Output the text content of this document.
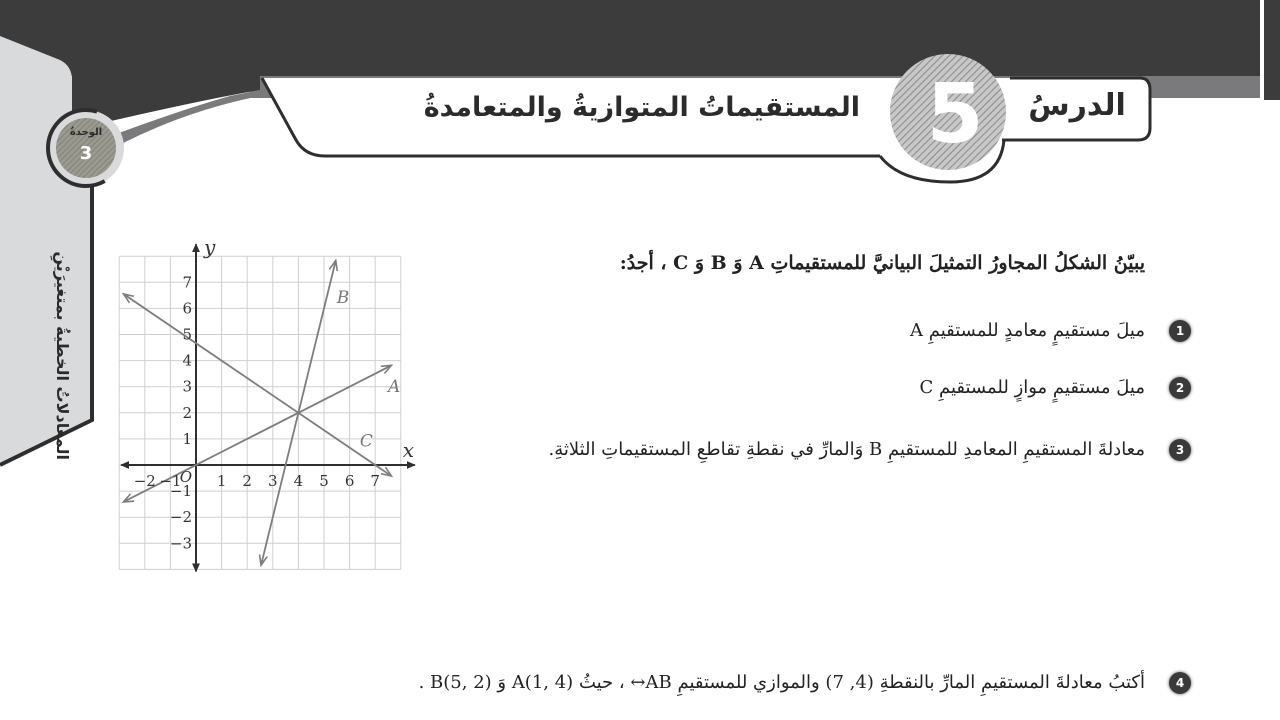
الدرسُ
5
المستقيماتُ المتوازيةُ والمتعامدةُ
الوحدةُ
3
المعادلاتُ الخطيةُ بمتغيرَيْنِ
−2 −1 1 2 3 4 5 6 7
−3
−2
−1
1
2
3
4
5
6
7
O
x
y
A
B
C
يبيّنُ الشكلُ المجاورُ التمثيلَ البيانيَّ للمستقيماتِ A وَ B وَ C ، أجدُ:
1
ميلَ مستقيمٍ معامدٍ للمستقيمِ A
2
ميلَ مستقيمٍ موازٍ للمستقيمِ C
3
معادلةَ المستقيمِ المعامدِ للمستقيمِ B وَالمارِّ في نقطةِ تقاطعِ المستقيماتِ الثلاثةِ.
4
أكتبُ معادلةَ المستقيمِ المارِّ بالنقطةِ (4, 7) والموازي للمستقيمِ AB↔ ، حيثُ A(1, 4) وَ B(5, 2) .
